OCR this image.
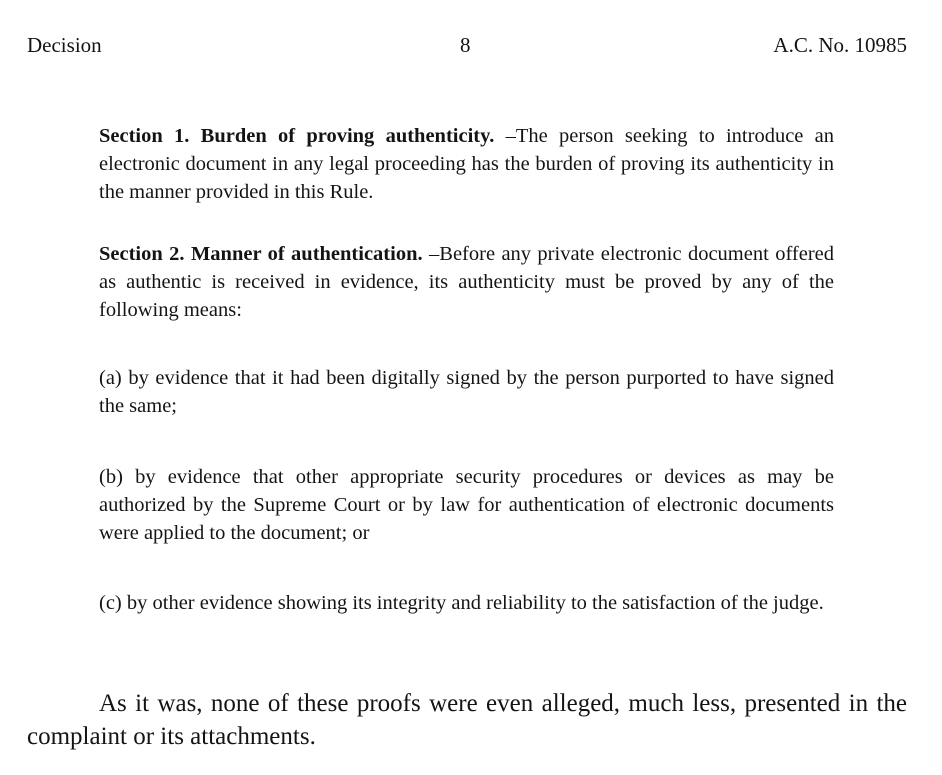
Decision	8	A.C. No. 10985
Section 1. Burden of proving authenticity. –The person seeking to introduce an electronic document in any legal proceeding has the burden of proving its authenticity in the manner provided in this Rule.
Section 2. Manner of authentication. –Before any private electronic document offered as authentic is received in evidence, its authenticity must be proved by any of the following means:
(a) by evidence that it had been digitally signed by the person purported to have signed the same;
(b) by evidence that other appropriate security procedures or devices as may be authorized by the Supreme Court or by law for authentication of electronic documents were applied to the document; or
(c) by other evidence showing its integrity and reliability to the satisfaction of the judge.
As it was, none of these proofs were even alleged, much less, presented in the complaint or its attachments.
